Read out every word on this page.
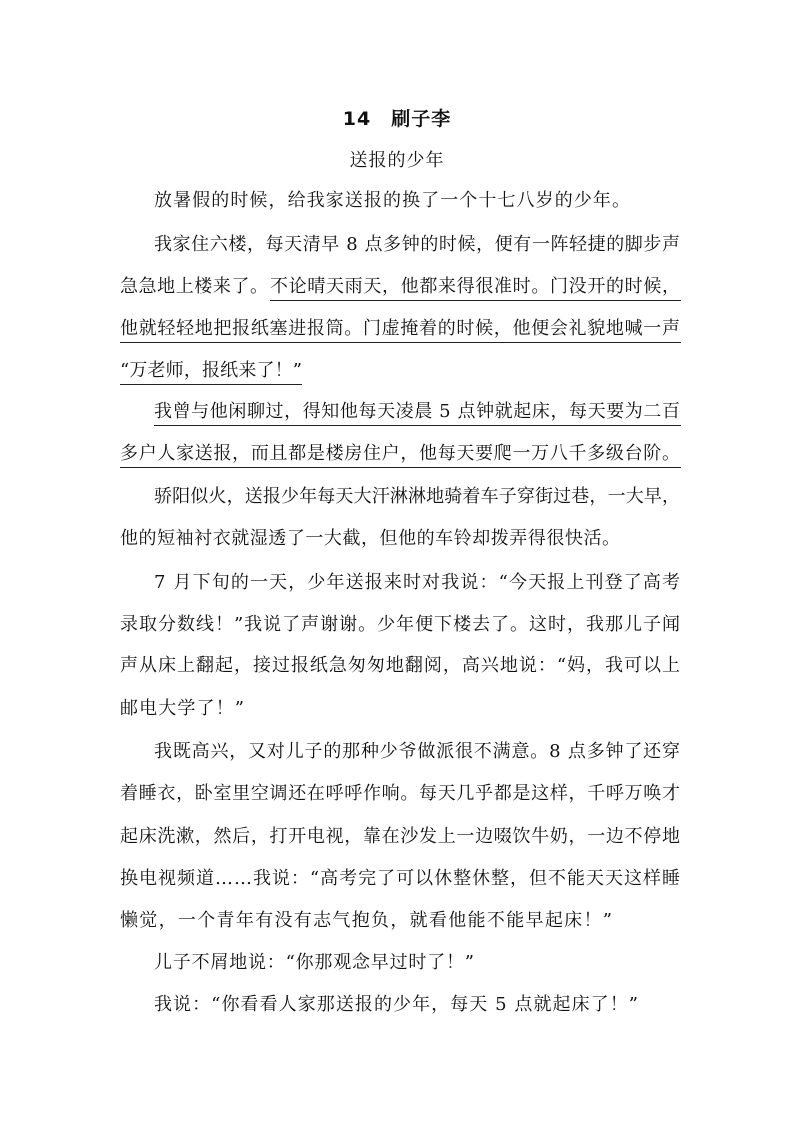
14　刷子李
送报的少年
放暑假的时候，给我家送报的换了一个十七八岁的少年。
我家住六楼，每天清早 8 点多钟的时候，便有一阵轻捷的脚步声
急急地上楼来了。 不论晴天雨天，他都来得很准时。门没开的时候，
他就轻轻地把报纸塞进报筒。门虚掩着的时候，他便会礼貌地喊一声
“万老师，报纸来了！”
我曾与他闲聊过，得知他每天凌晨 5 点钟就起床，每天要为二百
多户人家送报，而且都是楼房住户，他每天要爬一万八千多级台阶。
骄阳似火，送报少年每天大汗淋淋地骑着车子穿街过巷，一大早，
他的短袖衬衣就湿透了一大截，但他的车铃却拨弄得很快活。
7 月下旬的一天，少年送报来时对我说：“今天报上刊登了高考
录取分数线！”我说了声谢谢。少年便下楼去了。这时，我那儿子闻
声从床上翻起，接过报纸急匆匆地翻阅，高兴地说：“妈，我可以上
邮电大学了！”
我既高兴，又对儿子的那种少爷做派很不满意。8 点多钟了还穿
着睡衣，卧室里空调还在呼呼作响。每天几乎都是这样，千呼万唤才
起床洗漱，然后，打开电视，靠在沙发上一边啜饮牛奶，一边不停地
换电视频道……我说：“高考完了可以休整休整，但不能天天这样睡
懒觉，一个青年有没有志气抱负，就看他能不能早起床！”
儿子不屑地说：“你那观念早过时了！”
我说：“你看看人家那送报的少年，每天 5 点就起床了！”
